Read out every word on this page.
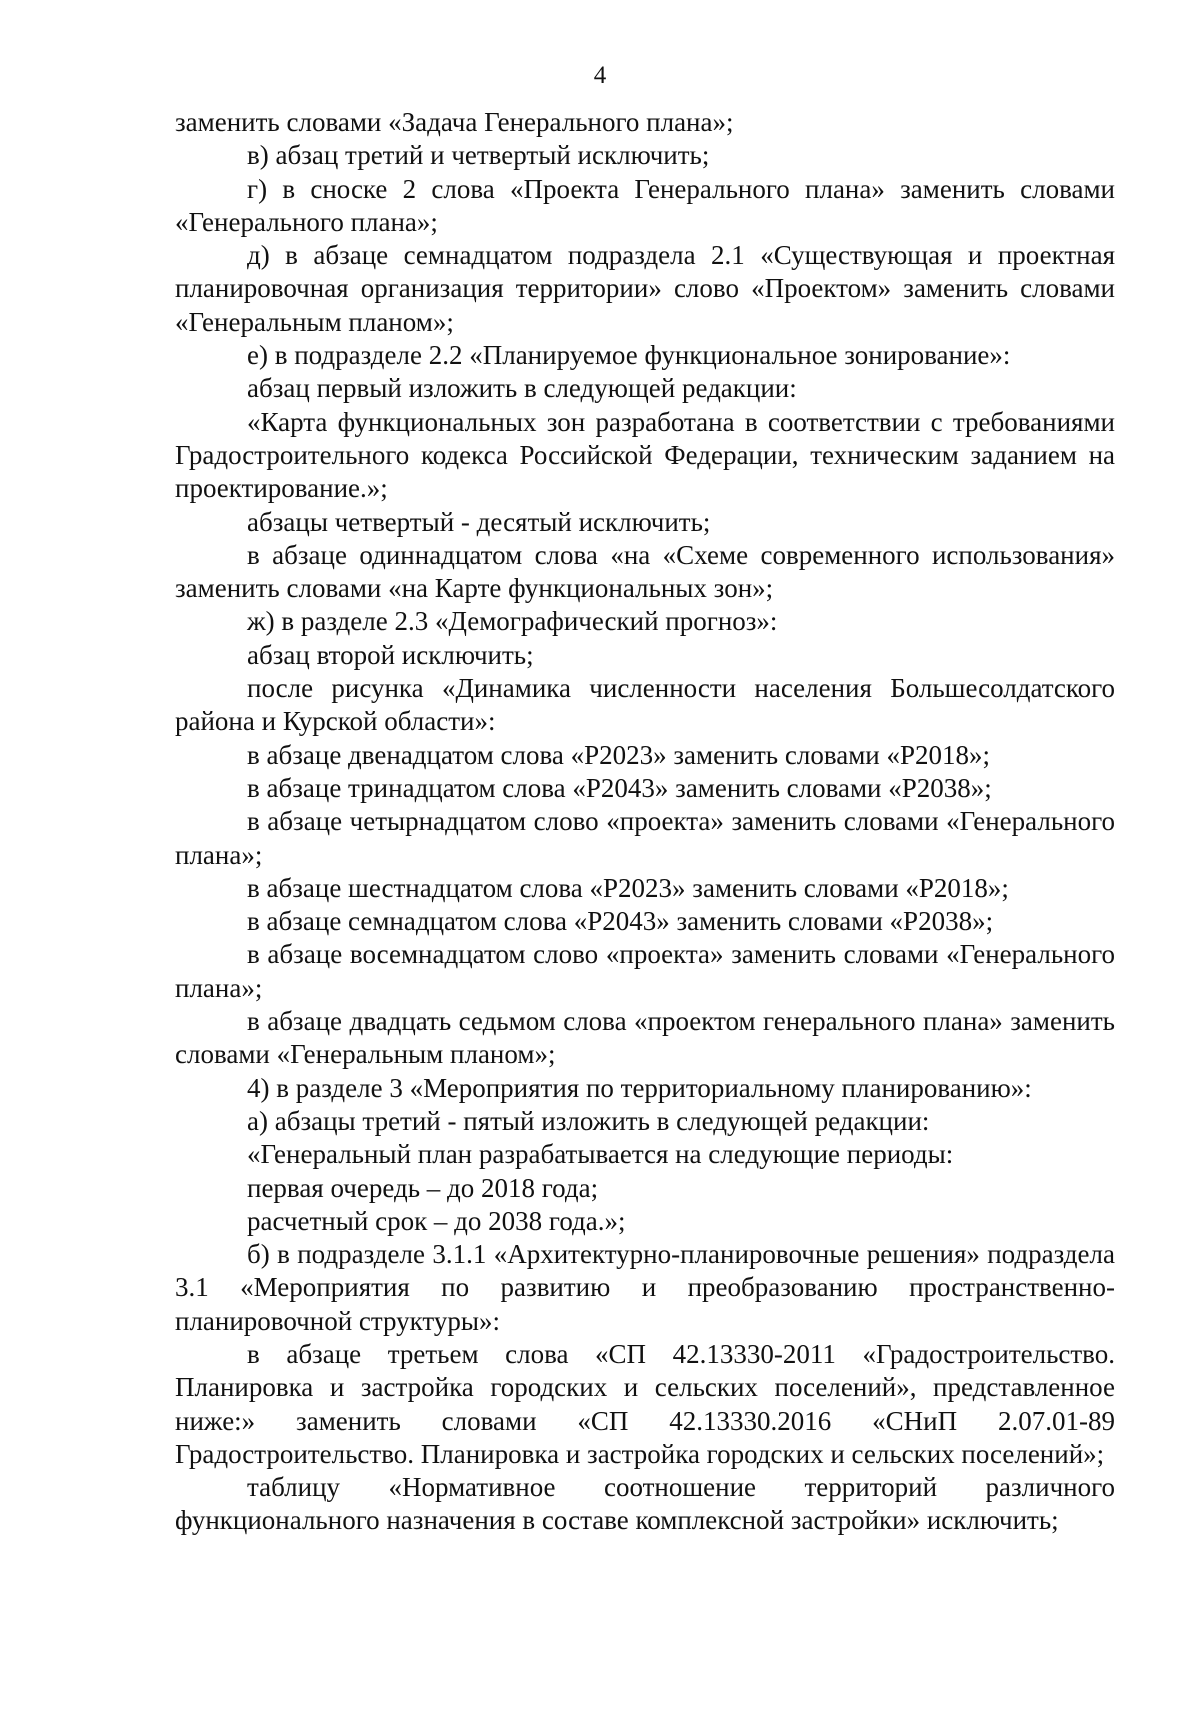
4

заменить словами «Задача Генерального плана»;

в) абзац третий и четвертый исключить;

г) в сноске 2 слова «Проекта Генерального плана» заменить словами «Генерального плана»;

д) в абзаце семнадцатом подраздела 2.1 «Существующая и проектная планировочная организация территории» слово «Проектом» заменить словами «Генеральным планом»;

е) в подразделе 2.2 «Планируемое функциональное зонирование»:

абзац первый изложить в следующей редакции:

«Карта функциональных зон разработана в соответствии с требованиями Градостроительного кодекса Российской Федерации, техническим заданием на проектирование.»;

абзацы четвертый - десятый исключить;

в абзаце одиннадцатом слова «на «Схеме современного использования» заменить словами «на Карте функциональных зон»;

ж) в разделе 2.3 «Демографический прогноз»:

абзац второй исключить;

после рисунка «Динамика численности населения Большесолдатского района и Курской области»:

в абзаце двенадцатом слова «P2023» заменить словами «P2018»;

в абзаце тринадцатом слова «P2043» заменить словами «P2038»;

в абзаце четырнадцатом слово «проекта» заменить словами «Генерального плана»;

в абзаце шестнадцатом слова «P2023» заменить словами «P2018»;

в абзаце семнадцатом слова «P2043» заменить словами «P2038»;

в абзаце восемнадцатом слово «проекта» заменить словами «Генерального плана»;

в абзаце двадцать седьмом слова «проектом генерального плана» заменить словами «Генеральным планом»;

4) в разделе 3 «Мероприятия по территориальному планированию»:

а) абзацы третий - пятый изложить в следующей редакции:

«Генеральный план разрабатывается на следующие периоды:

первая очередь – до 2018 года;

расчетный срок – до 2038 года.»;

б) в подразделе 3.1.1 «Архитектурно-планировочные решения» подраздела 3.1 «Мероприятия по развитию и преобразованию пространственно-планировочной структуры»:

в абзаце третьем слова «СП 42.13330-2011 «Градостроительство. Планировка и застройка городских и сельских поселений», представленное ниже:» заменить словами «СП 42.13330.2016 «СНиП 2.07.01-89 Градостроительство. Планировка и застройка городских и сельских поселений»;

таблицу «Нормативное соотношение территорий различного функционального назначения в составе комплексной застройки» исключить;
